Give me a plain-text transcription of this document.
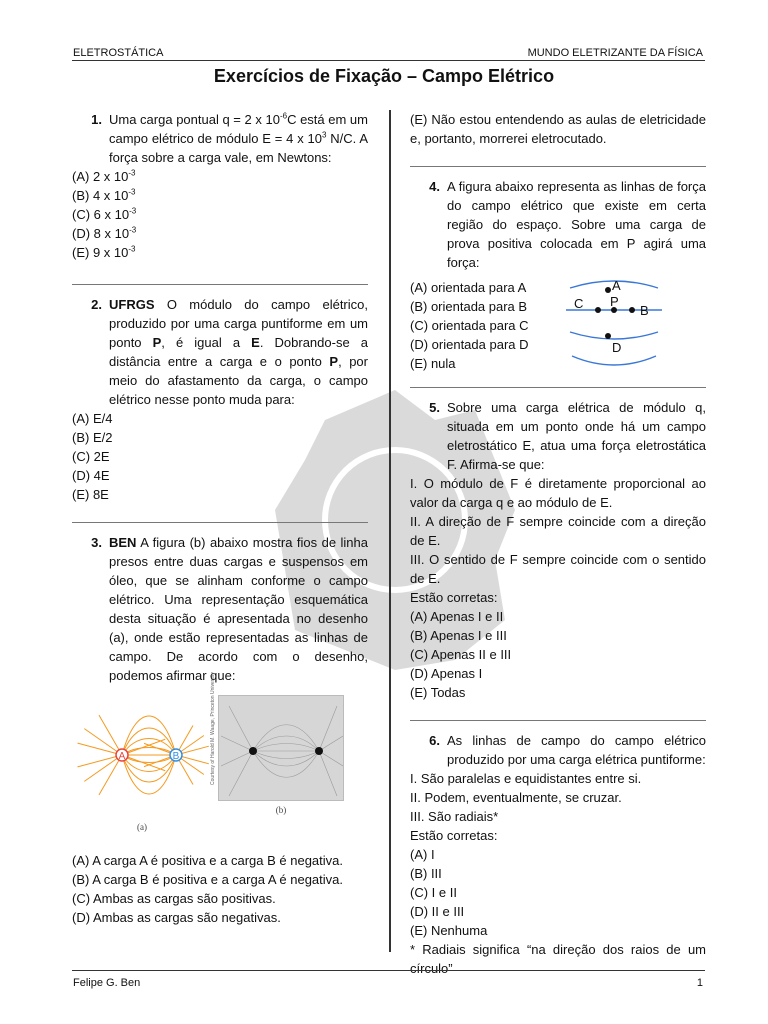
ELETROSTÁTICA	MUNDO ELETRIZANTE DA FÍSICA
Exercícios de Fixação – Campo Elétrico
1. Uma carga pontual q = 2 x $10^{-6}C$ está em um campo elétrico de módulo E = 4 x $10^3$ N/C. A força sobre a carga vale, em Newtons:
(A) 2 x $10^{-3}$
(B) 4 x $10^{-3}$
(C) 6 x $10^{-3}$
(D) 8 x $10^{-3}$
(E) 9 x $10^{-3}$
2. UFRGS O módulo do campo elétrico, produzido por uma carga puntiforme em um ponto P, é igual a E. Dobrando-se a distância entre a carga e o ponto P, por meio do afastamento da carga, o campo elétrico nesse ponto muda para:
(A) E/4
(B) E/2
(C) 2E
(D) 4E
(E) 8E
3. BEN A figura (b) abaixo mostra fios de linha presos entre duas cargas e suspensos em óleo, que se alinham conforme o campo elétrico. Uma representação esquemática desta situação é apresentada no desenho (a), onde estão representadas as linhas de campo. De acordo com o desenho, podemos afirmar que:
A	B
(a)
Courtesy of Harold M. Waage, Princeton University
(b)
(A) A carga A é positiva e a carga B é negativa.
(B) A carga B é positiva e a carga A é negativa.
(C) Ambas as cargas são positivas.
(D) Ambas as cargas são negativas.
(E) Não estou entendendo as aulas de eletricidade e, portanto, morrerei eletrocutado.
4. A figura abaixo representa as linhas de força do campo elétrico que existe em certa região do espaço. Sobre uma carga de prova positiva colocada em P agirá uma força:
(A) orientada para A
(B) orientada para B
(C) orientada para C
(D) orientada para D
(E) nula
A
C P
B
D
5. Sobre uma carga elétrica de módulo q, situada em um ponto onde há um campo eletrostático E, atua uma força eletrostática F. Afirma-se que:
I. O módulo de F é diretamente proporcional ao valor da carga q e ao módulo de E.
II. A direção de F sempre coincide com a direção de E.
III. O sentido de F sempre coincide com o sentido de E.
Estão corretas:
(A) Apenas I e II
(B) Apenas I e III
(C) Apenas II e III
(D) Apenas I
(E) Todas
6. As linhas de campo do campo elétrico produzido por uma carga elétrica puntiforme:
I. São paralelas e equidistantes entre si.
II. Podem, eventualmente, se cruzar.
III. São radiais*
Estão corretas:
(A) I
(B) III
(C) I e II
(D) II e III
(E) Nenhuma
* Radiais significa “na direção dos raios de um círculo”
Felipe G. Ben	1
